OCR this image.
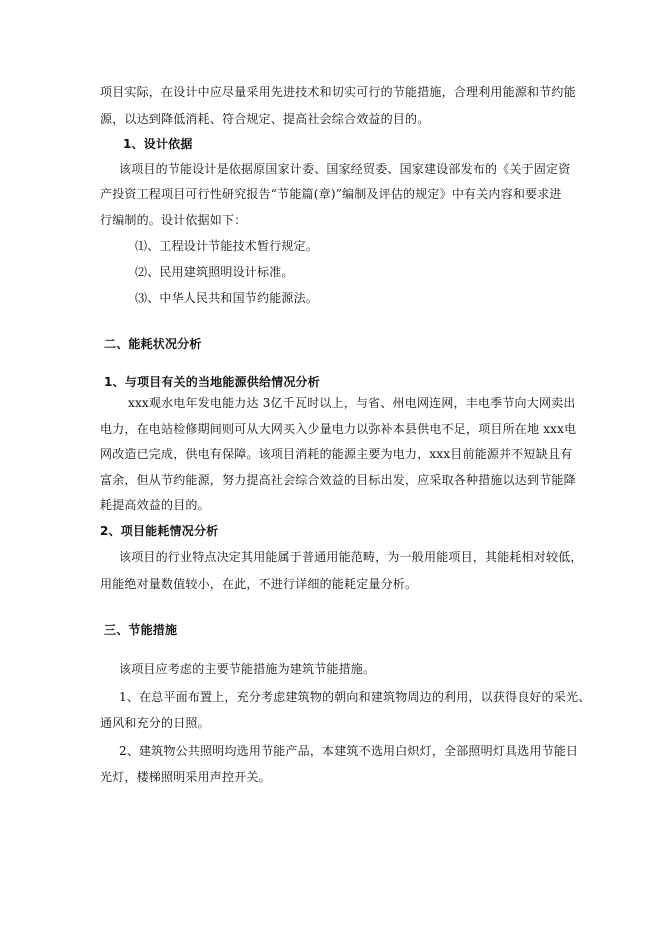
项目实际，在设计中应尽量采用先进技术和切实可行的节能措施，合理利用能源和节约能
源，以达到降低消耗、符合规定、提高社会综合效益的目的。
1、设计依据
该项目的节能设计是依据原国家计委、国家经贸委、国家建设部发布的《关于固定资
产投资工程项目可行性研究报告“节能篇(章)”编制及评估的规定》中有关内容和要求进
行编制的。设计依据如下：
⑴、工程设计节能技术暂行规定。
⑵、民用建筑照明设计标准。
⑶、中华人民共和国节约能源法。
二、能耗状况分析
1、与项目有关的当地能源供给情况分析
xxx观水电年发电能力达 3亿千瓦时以上，与省、州电网连网，丰电季节向大网卖出
电力，在电站检修期间则可从大网买入少量电力以弥补本县供电不足，项目所在地 xxx电
网改造已完成，供电有保障。该项目消耗的能源主要为电力，xxx目前能源并不短缺且有
富余，但从节约能源，努力提高社会综合效益的目标出发，应采取各种措施以达到节能降
耗提高效益的目的。
2、项目能耗情况分析
该项目的行业特点决定其用能属于普通用能范畴，为一般用能项目，其能耗相对较低，
用能绝对量数值较小，在此，不进行详细的能耗定量分析。
三、节能措施
该项目应考虑的主要节能措施为建筑节能措施。
1、在总平面布置上，充分考虑建筑物的朝向和建筑物周边的利用，以获得良好的采光、
通风和充分的日照。
2、建筑物公共照明均选用节能产品，本建筑不选用白炽灯，全部照明灯具选用节能日
光灯，楼梯照明采用声控开关。
